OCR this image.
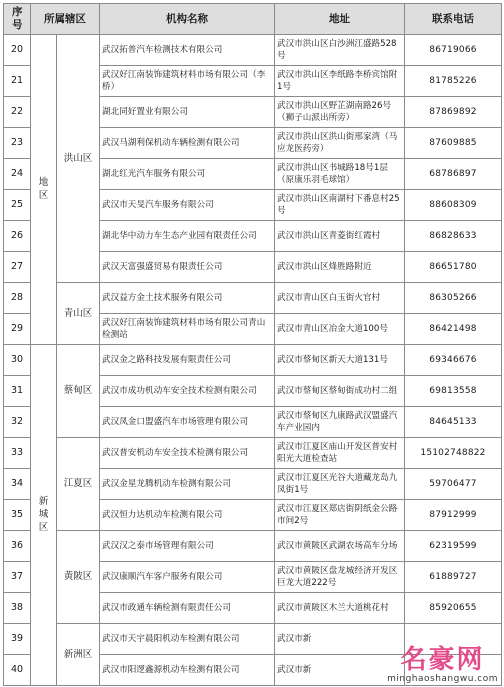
序号	所属辖区		机构名称	地址	联系电话
20	地区	洪山区	武汉拓普汽车检测技术有限公司	武汉市洪山区白沙洲江盛路528号	86719066
21			武汉好江南装饰建筑材料市场有限公司（李桥）	武汉市洪山区李纸路李桥宾馆附1号	81785226
22			湖北同好置业有限公司	武汉市洪山区野芷湖南路26号（狮子山派出所旁）	87869892
23			武汉马湖利保机动车辆检测有限公司	武汉市洪山区洪山街邢家湾（马应龙医药旁）	87609885
24			湖北红光汽车服务有限公司	武汉市洪山区书城路18号1层（原康乐羽毛球馆）	68786897
25			武汉市天旻汽车服务有限公司	武汉市洪山区南湖村下番息村25号	88608309
26			湖北华中动力车生态产业园有限责任公司	武汉市洪山区青菱街红霞村	86828633
27			武汉天富强盛贸易有限责任公司	武汉市洪山区烽胜路附近	86651780
28		青山区	武汉益方金土技术服务有限公司	武汉市青山区白玉街火官村	86305266
29			武汉好江南装饰建筑材料市场有限公司青山检测站	武汉市青山区冶金大道100号	86421498
30	新城区	蔡甸区	武汉金之路科技发展有限责任公司	武汉市蔡甸区新天大道131号	69346676
31			武汉市成功机动车安全技术检测有限公司	武汉市蔡甸区蔡甸街成功村二组	69813558
32			武汉凤金口盟盛汽车市场管理有限公司	武汉市蔡甸区九康路武汉盟盛汽车产业园内	84645133
33		江夏区	武汉普安机动车安全技术检测有限公司	武汉市江夏区庙山开发区普安村阳光大道检查站	15102748822
34			武汉金星龙腾机动车检测有限公司	武汉市江夏区光谷大道藏龙岛九凤街1号	59706477
35			武汉恒力达机动车检测有限公司	武汉市江夏区郑店街阴纸金公路市间2号	87912999
36		黄陂区	武汉汉之泰市场管理有限公司	武汉市黄陂区武湖农场高车分场	62319599
37			武汉康顺汽车客户服务有限公司	武汉市黄陂区盘龙城经济开发区巨龙大道222号	61889727
38			武汉市政通车辆检测有限责任公司	武汉市黄陂区木兰大道桃花村	85920655
39		新洲区	武汉市天宇晨阳机动车检测有限公司	武汉市新	
40			武汉市阳逻鑫源机动车检测有限公司	武汉市新		名豪网
minghaoshangwu.com
